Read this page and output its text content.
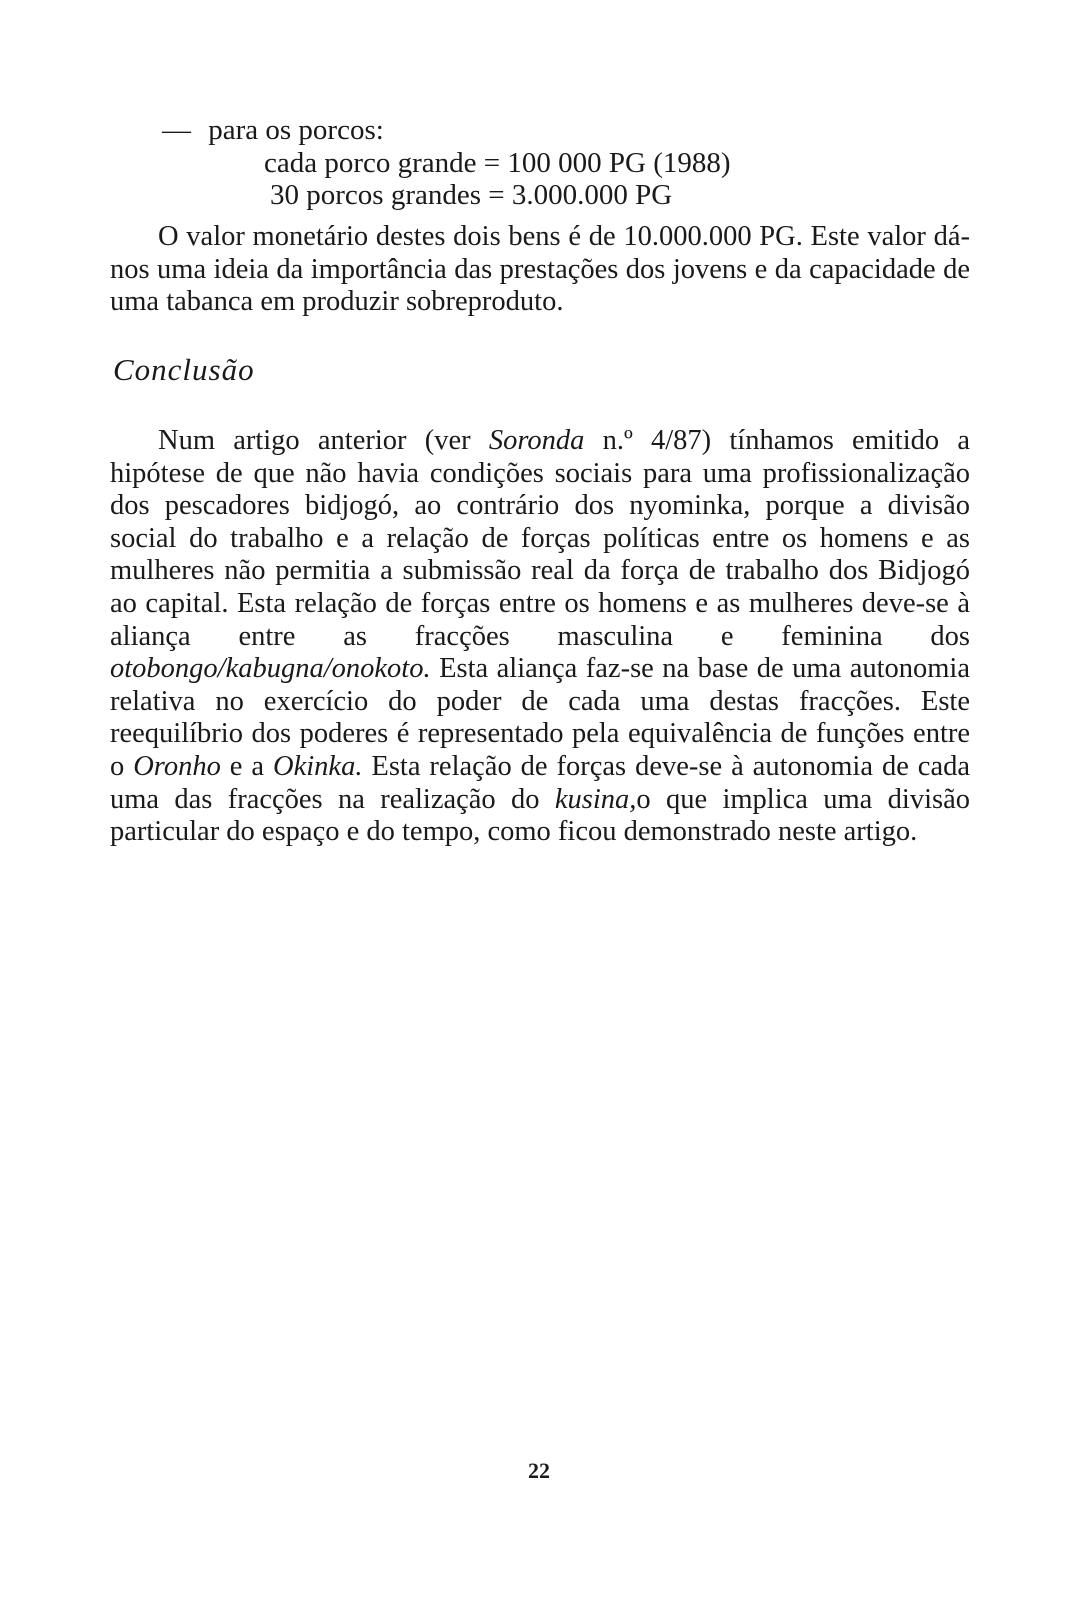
— para os porcos:
cada porco grande = 100 000 PG (1988)
30 porcos grandes = 3.000.000 PG
O valor monetário destes dois bens é de 10.000.000 PG. Este valor dá-nos uma ideia da importância das prestações dos jovens e da capacidade de uma tabanca em produzir sobreproduto.
Conclusão
Num artigo anterior (ver Soronda n.º 4/87) tínhamos emitido a hipótese de que não havia condições sociais para uma profissionalização dos pescadores bidjogó, ao contrário dos nyominka, porque a divisão social do trabalho e a relação de forças políticas entre os homens e as mulheres não permitia a submissão real da força de trabalho dos Bidjogó ao capital. Esta relação de forças entre os homens e as mulheres deve-se à aliança entre as fracções masculina e feminina dos otobongo/kabugna/onokoto. Esta aliança faz-se na base de uma autonomia relativa no exercício do poder de cada uma destas fracções. Este reequilíbrio dos poderes é representado pela equivalência de funções entre o Oronho e a Okinka. Esta relação de forças deve-se à autonomia de cada uma das fracções na realização do kusina,o que implica uma divisão particular do espaço e do tempo, como ficou demonstrado neste artigo.
22
